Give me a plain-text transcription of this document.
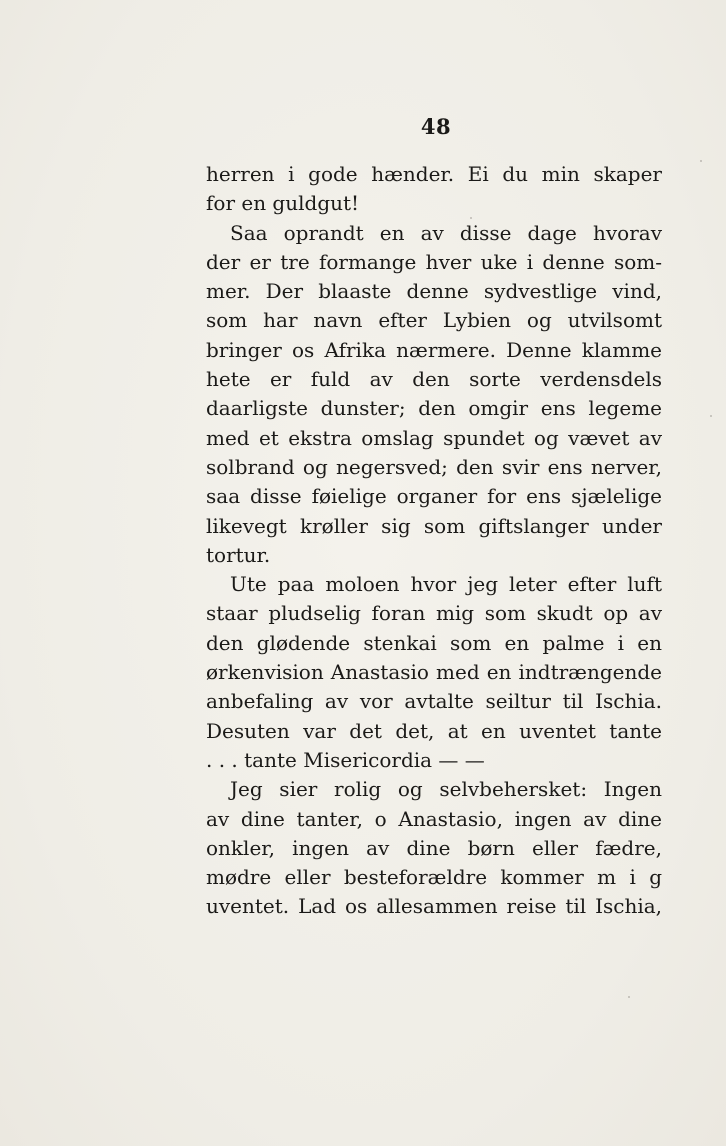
48
herren i gode hænder. Ei du min skaper
for en guldgut!
Saa oprandt en av disse dage hvorav
der er tre formange hver uke i denne som-
mer. Der blaaste denne sydvestlige vind,
som har navn efter Lybien og utvilsomt
bringer os Afrika nærmere. Denne klamme
hete er fuld av den sorte verdensdels
daarligste dunster; den omgir ens legeme
med et ekstra omslag spundet og vævet av
solbrand og negersved; den svir ens nerver,
saa disse føielige organer for ens sjælelige
likevegt krøller sig som giftslanger under
tortur.
Ute paa moloen hvor jeg leter efter luft
staar pludselig foran mig som skudt op av
den glødende stenkai som en palme i en
ørkenvision Anastasio med en indtrængende
anbefaling av vor avtalte seiltur til Ischia.
Desuten var det det, at en uventet tante
. . . tante Misericordia — —
Jeg sier rolig og selvbehersket: Ingen
av dine tanter, o Anastasio, ingen av dine
onkler, ingen av dine børn eller fædre,
mødre eller besteforældre kommer m i g
uventet. Lad os allesammen reise til Ischia,
